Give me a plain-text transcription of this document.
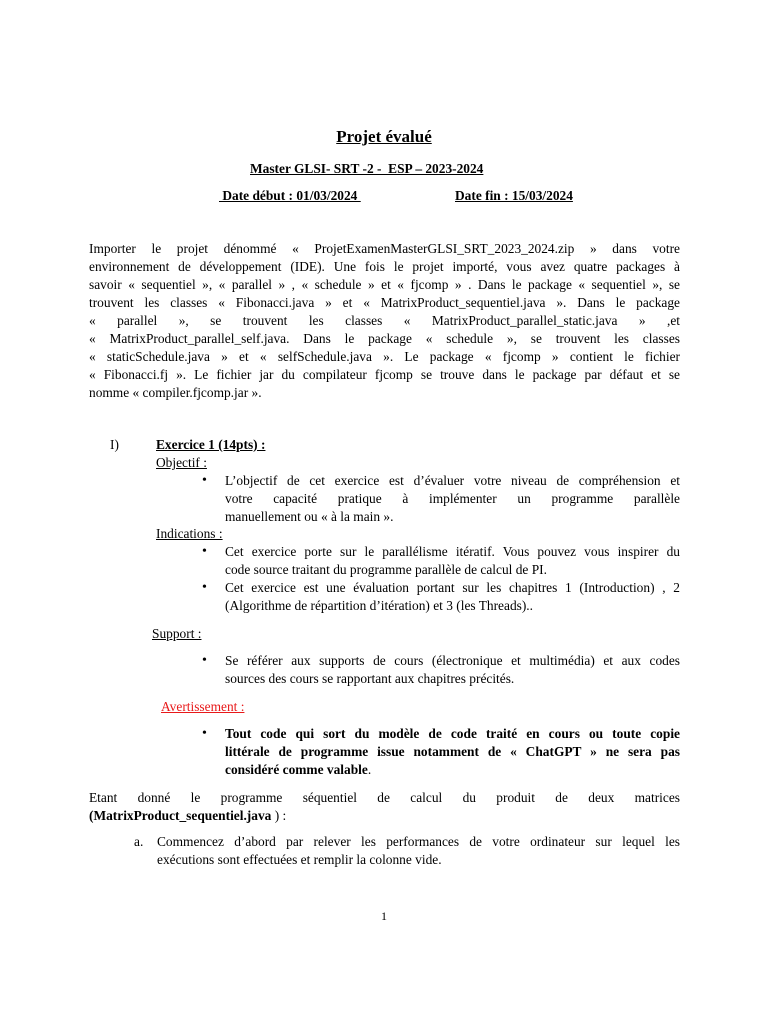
Projet évalué
Master GLSI- SRT -2 -  ESP – 2023-2024
Date début : 01/03/2024	Date fin : 15/03/2024
Importer le projet dénommé « ProjetExamenMasterGLSI_SRT_2023_2024.zip » dans votre
environnement de développement (IDE). Une fois le projet importé, vous avez quatre packages à
savoir « sequentiel », « parallel » , « schedule » et « fjcomp » . Dans le package « sequentiel », se
trouvent les classes « Fibonacci.java » et « MatrixProduct_sequentiel.java ». Dans le package
« parallel », se trouvent les classes « MatrixProduct_parallel_static.java » ,et
« MatrixProduct_parallel_self.java. Dans le package « schedule », se trouvent les classes
« staticSchedule.java » et « selfSchedule.java ». Le package « fjcomp » contient le fichier
« Fibonacci.fj ». Le fichier jar du compilateur fjcomp se trouve dans le package par défaut et se
nomme « compiler.fjcomp.jar ».
I)	Exercice 1 (14pts) :
Objectif :
• L’objectif de cet exercice est d’évaluer votre niveau de compréhension et
votre capacité pratique à implémenter un programme parallèle
manuellement ou « à la main ».
Indications :
• Cet exercice porte sur le parallélisme itératif. Vous pouvez vous inspirer du
code source traitant du programme parallèle de calcul de PI.
• Cet exercice est une évaluation portant sur les chapitres 1 (Introduction) , 2
(Algorithme de répartition d’itération) et 3 (les Threads)..
Support :
• Se référer aux supports de cours (électronique et multimédia) et aux codes
sources des cours se rapportant aux chapitres précités.
Avertissement :
• Tout code qui sort du modèle de code traité en cours ou toute copie
littérale de programme issue notamment de « ChatGPT » ne sera pas
considéré comme valable.
Etant donné le programme séquentiel de calcul du produit de deux matrices
(MatrixProduct_sequentiel.java ) :
a. Commencez d’abord par relever les performances de votre ordinateur sur lequel les
exécutions sont effectuées et remplir la colonne vide.
1
